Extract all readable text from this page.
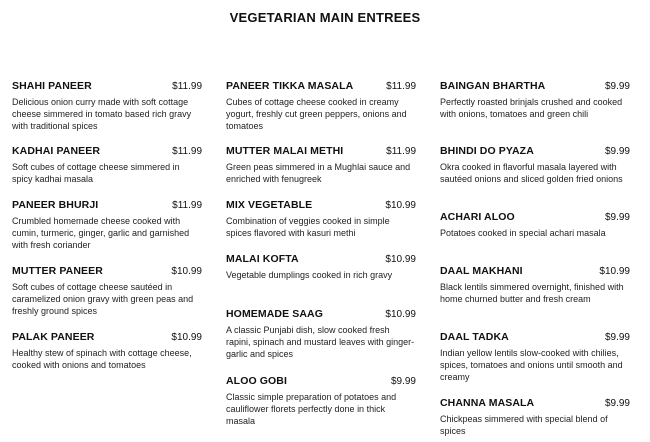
VEGETARIAN MAIN ENTREES
SHAHI PANEER	$11.99
Delicious onion curry made with soft cottage cheese simmered in tomato based rich gravy with traditional spices
KADHAI PANEER	$11.99
Soft cubes of cottage cheese simmered in spicy kadhai masala
PANEER BHURJI	$11.99
Crumbled homemade cheese cooked with cumin, turmeric, ginger, garlic and garnished with fresh coriander
MUTTER PANEER	$10.99
Soft cubes of cottage cheese sautéed in caramelized onion gravy with green peas and freshly ground spices
PALAK PANEER	$10.99
Healthy stew of spinach with cottage cheese, cooked with onions and tomatoes
PANEER TIKKA MASALA	$11.99
Cubes of cottage cheese cooked in creamy yogurt, freshly cut green peppers, onions and tomatoes
MUTTER MALAI METHI	$11.99
Green peas simmered in a Mughlai sauce and enriched with fenugreek
MIX VEGETABLE	$10.99
Combination of veggies cooked in simple spices flavored with kasuri methi
MALAI KOFTA	$10.99
Vegetable dumplings cooked in rich gravy
HOMEMADE SAAG	$10.99
A classic Punjabi dish, slow cooked fresh rapini, spinach and mustard leaves with ginger-garlic and spices
ALOO GOBI	$9.99
Classic simple preparation of potatoes and cauliflower florets perfectly done in thick masala
BAINGAN BHARTHA	$9.99
Perfectly roasted brinjals crushed and cooked with onions, tomatoes and green chili
BHINDI DO PYAZA	$9.99
Okra cooked in flavorful masala layered with sautéed onions and sliced golden fried onions
ACHARI ALOO	$9.99
Potatoes cooked in special achari masala
DAAL MAKHANI	$10.99
Black lentils simmered overnight, finished with home churned butter and fresh cream
DAAL TADKA	$9.99
Indian yellow lentils slow-cooked with chilies, spices, tomatoes and onions until smooth and creamy
CHANNA MASALA	$9.99
Chickpeas simmered with special blend of spices
